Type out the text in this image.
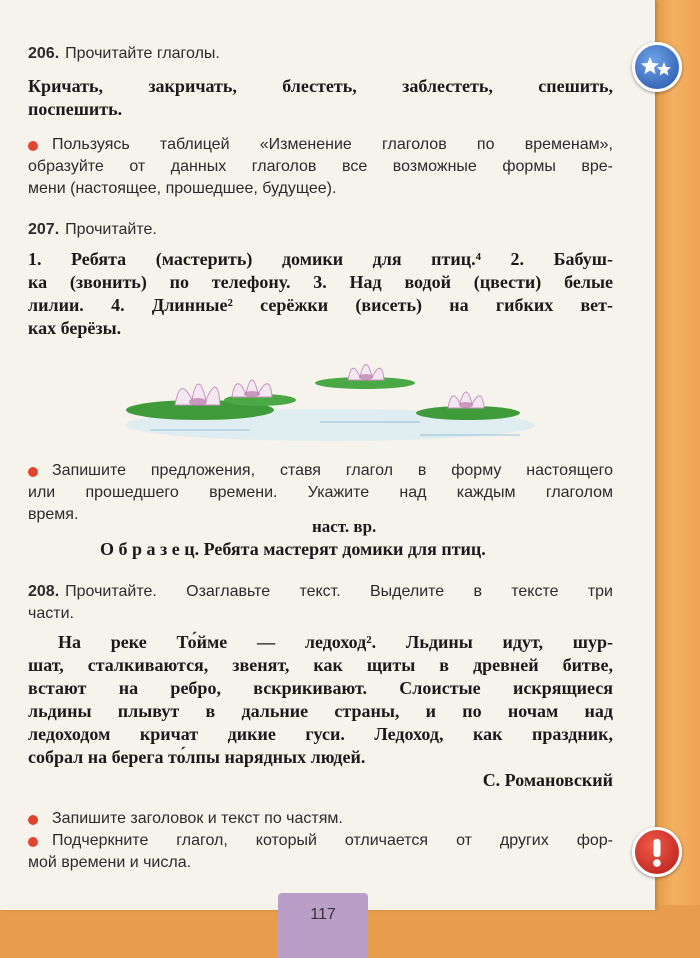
206. Прочитайте глаголы.
Кричать, закричать, блестеть, заблестеть, спешить,
поспешить.
Пользуясь таблицей «Изменение глаголов по временам»,
образуйте от данных глаголов все возможные формы вре-
мени (настоящее, прошедшее, будущее).
207. Прочитайте.
1. Ребята (мастерить) домики для птиц.⁴ 2. Бабуш-
ка (звонить) по телефону. 3. Над водой (цвести) белые
лилии. 4. Длинные² серёжки (висеть) на гибких вет-
ках берёзы.
Запишите предложения, ставя глагол в форму настоящего
или прошедшего времени. Укажите над каждым глаголом
время.
наст. вр.
О б р а з е ц. Ребята мастерят домики для птиц.
208. Прочитайте. Озаглавьте текст. Выделите в тексте три
части.
На реке То́йме — ледоход². Льдины идут, шур-
шат, сталкиваются, звенят, как щиты в древней битве,
встают на ребро, вскрикивают. Слоистые искрящиеся
льдины плывут в дальние страны, и по ночам над
ледоходом кричат дикие гуси. Ледоход, как праздник,
собрал на берега то́лпы нарядных людей.
С. Романовский
Запишите заголовок и текст по частям.
Подчеркните глагол, который отличается от других фор-
мой времени и числа.
117
